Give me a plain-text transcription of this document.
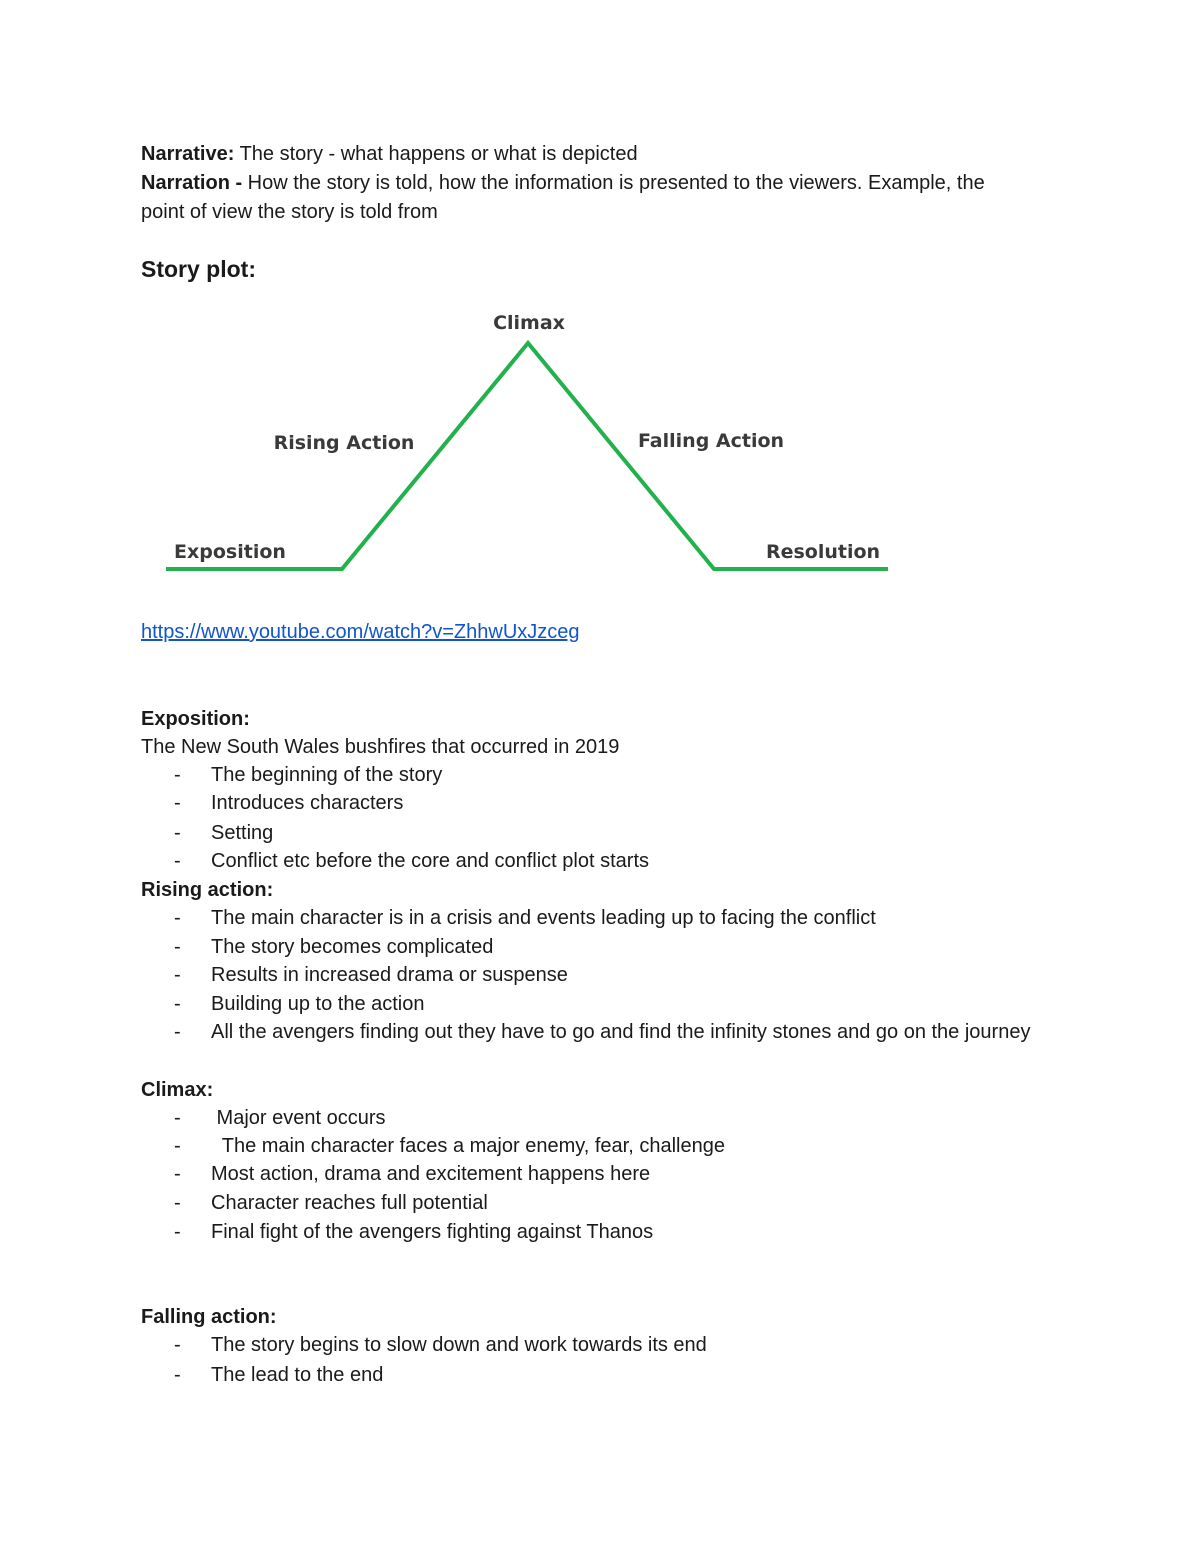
Narrative: The story - what happens or what is depicted
Narration - How the story is told, how the information is presented to the viewers. Example, the
point of view the story is told from
Story plot:
Climax
Rising Action	Falling Action
Exposition	Resolution
https://www.youtube.com/watch?v=ZhhwUxJzceg
Exposition:
The New South Wales bushfires that occurred in 2019
- The beginning of the story
- Introduces characters
- Setting
- Conflict etc before the core and conflict plot starts
Rising action:
- The main character is in a crisis and events leading up to facing the conflict
- The story becomes complicated
- Results in increased drama or suspense
- Building up to the action
- All the avengers finding out they have to go and find the infinity stones and go on the journey
Climax:
- Major event occurs
-  The main character faces a major enemy, fear, challenge
- Most action, drama and excitement happens here
- Character reaches full potential
- Final fight of the avengers fighting against Thanos
Falling action:
- The story begins to slow down and work towards its end
- The lead to the end
